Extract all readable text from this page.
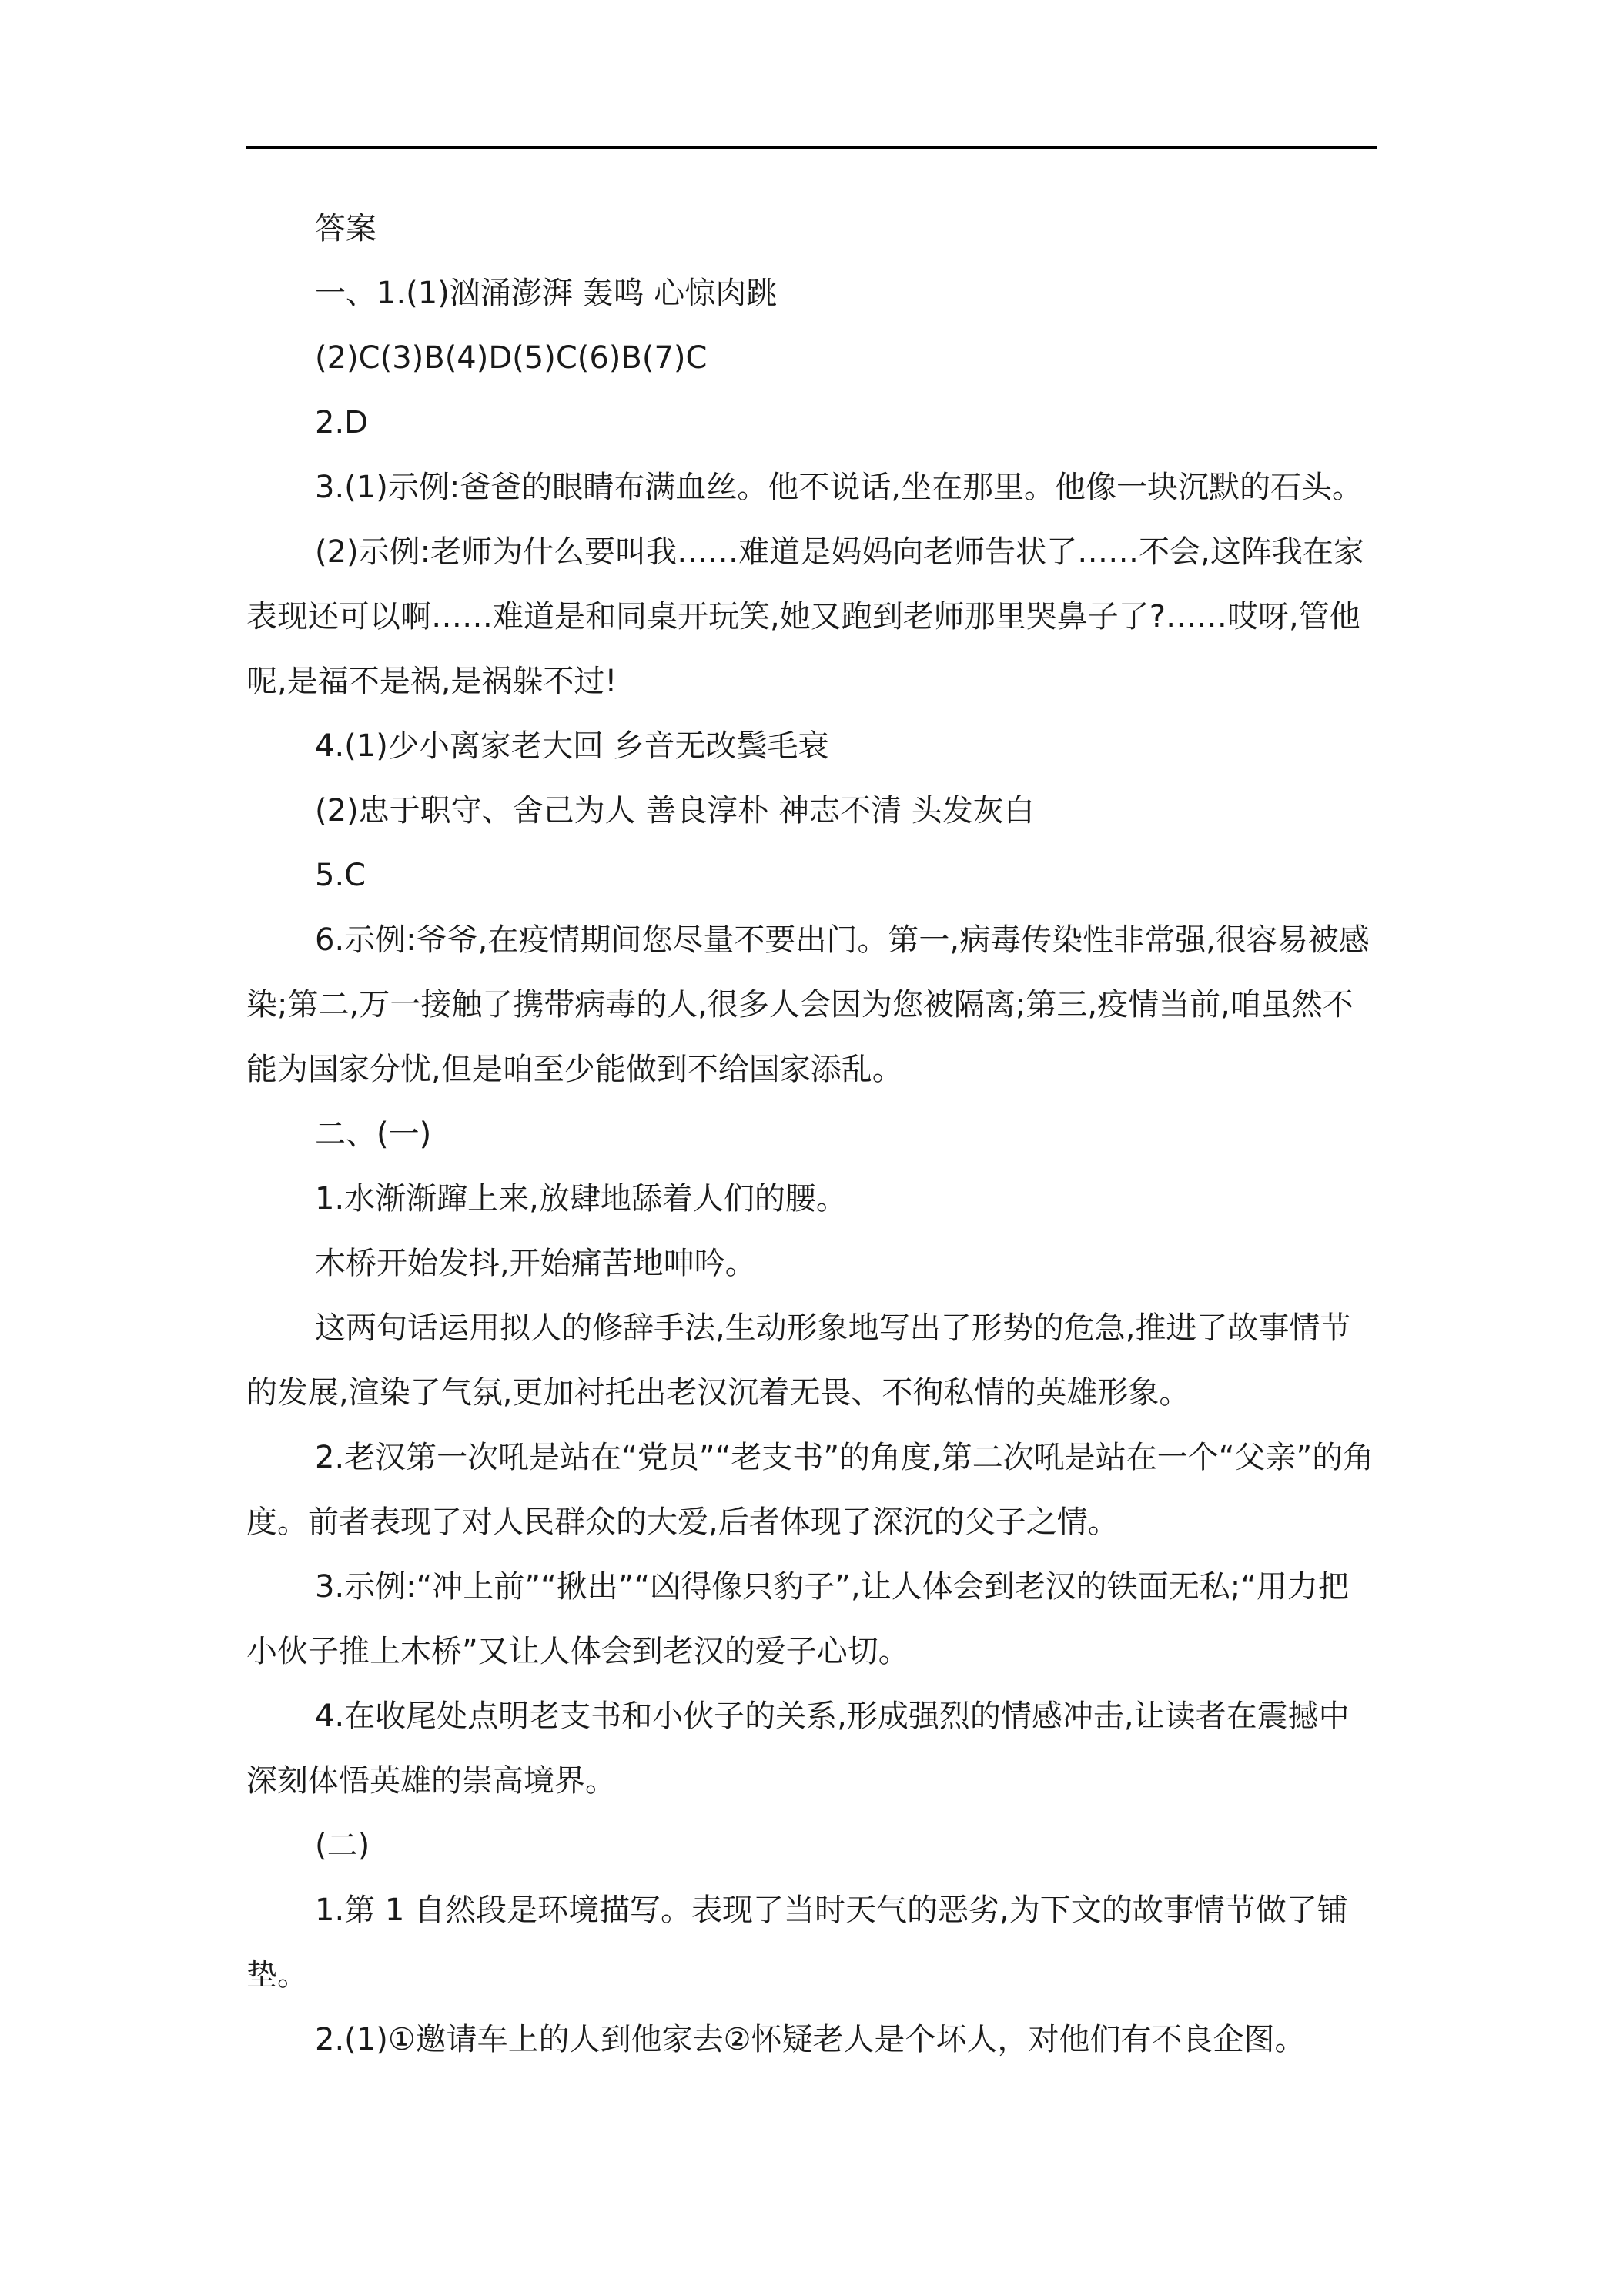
答案

一、1.(1)汹涌澎湃 轰鸣 心惊肉跳

(2)C(3)B(4)D(5)C(6)B(7)C

2.D

3.(1)示例:爸爸的眼睛布满血丝。他不说话,坐在那里。他像一块沉默的石头。

(2)示例:老师为什么要叫我……难道是妈妈向老师告状了……不会,这阵我在家表现还可以啊……难道是和同桌开玩笑,她又跑到老师那里哭鼻子了?……哎呀,管他呢,是福不是祸,是祸躲不过!

4.(1)少小离家老大回 乡音无改鬓毛衰

(2)忠于职守、舍己为人 善良淳朴 神志不清 头发灰白

5.C

6.示例:爷爷,在疫情期间您尽量不要出门。第一,病毒传染性非常强,很容易被感染;第二,万一接触了携带病毒的人,很多人会因为您被隔离;第三,疫情当前,咱虽然不能为国家分忧,但是咱至少能做到不给国家添乱。

二、(一)

1.水渐渐蹿上来,放肆地舔着人们的腰。

木桥开始发抖,开始痛苦地呻吟。

这两句话运用拟人的修辞手法,生动形象地写出了形势的危急,推进了故事情节的发展,渲染了气氛,更加衬托出老汉沉着无畏、不徇私情的英雄形象。

2.老汉第一次吼是站在“党员”“老支书”的角度,第二次吼是站在一个“父亲”的角度。前者表现了对人民群众的大爱,后者体现了深沉的父子之情。

3.示例:“冲上前”“揪出”“凶得像只豹子”,让人体会到老汉的铁面无私;“用力把小伙子推上木桥”又让人体会到老汉的爱子心切。

4.在收尾处点明老支书和小伙子的关系,形成强烈的情感冲击,让读者在震撼中深刻体悟英雄的崇高境界。

(二)

1.第 1 自然段是环境描写。表现了当时天气的恶劣,为下文的故事情节做了铺垫。

2.(1)①邀请车上的人到他家去②怀疑老人是个坏人，对他们有不良企图。
